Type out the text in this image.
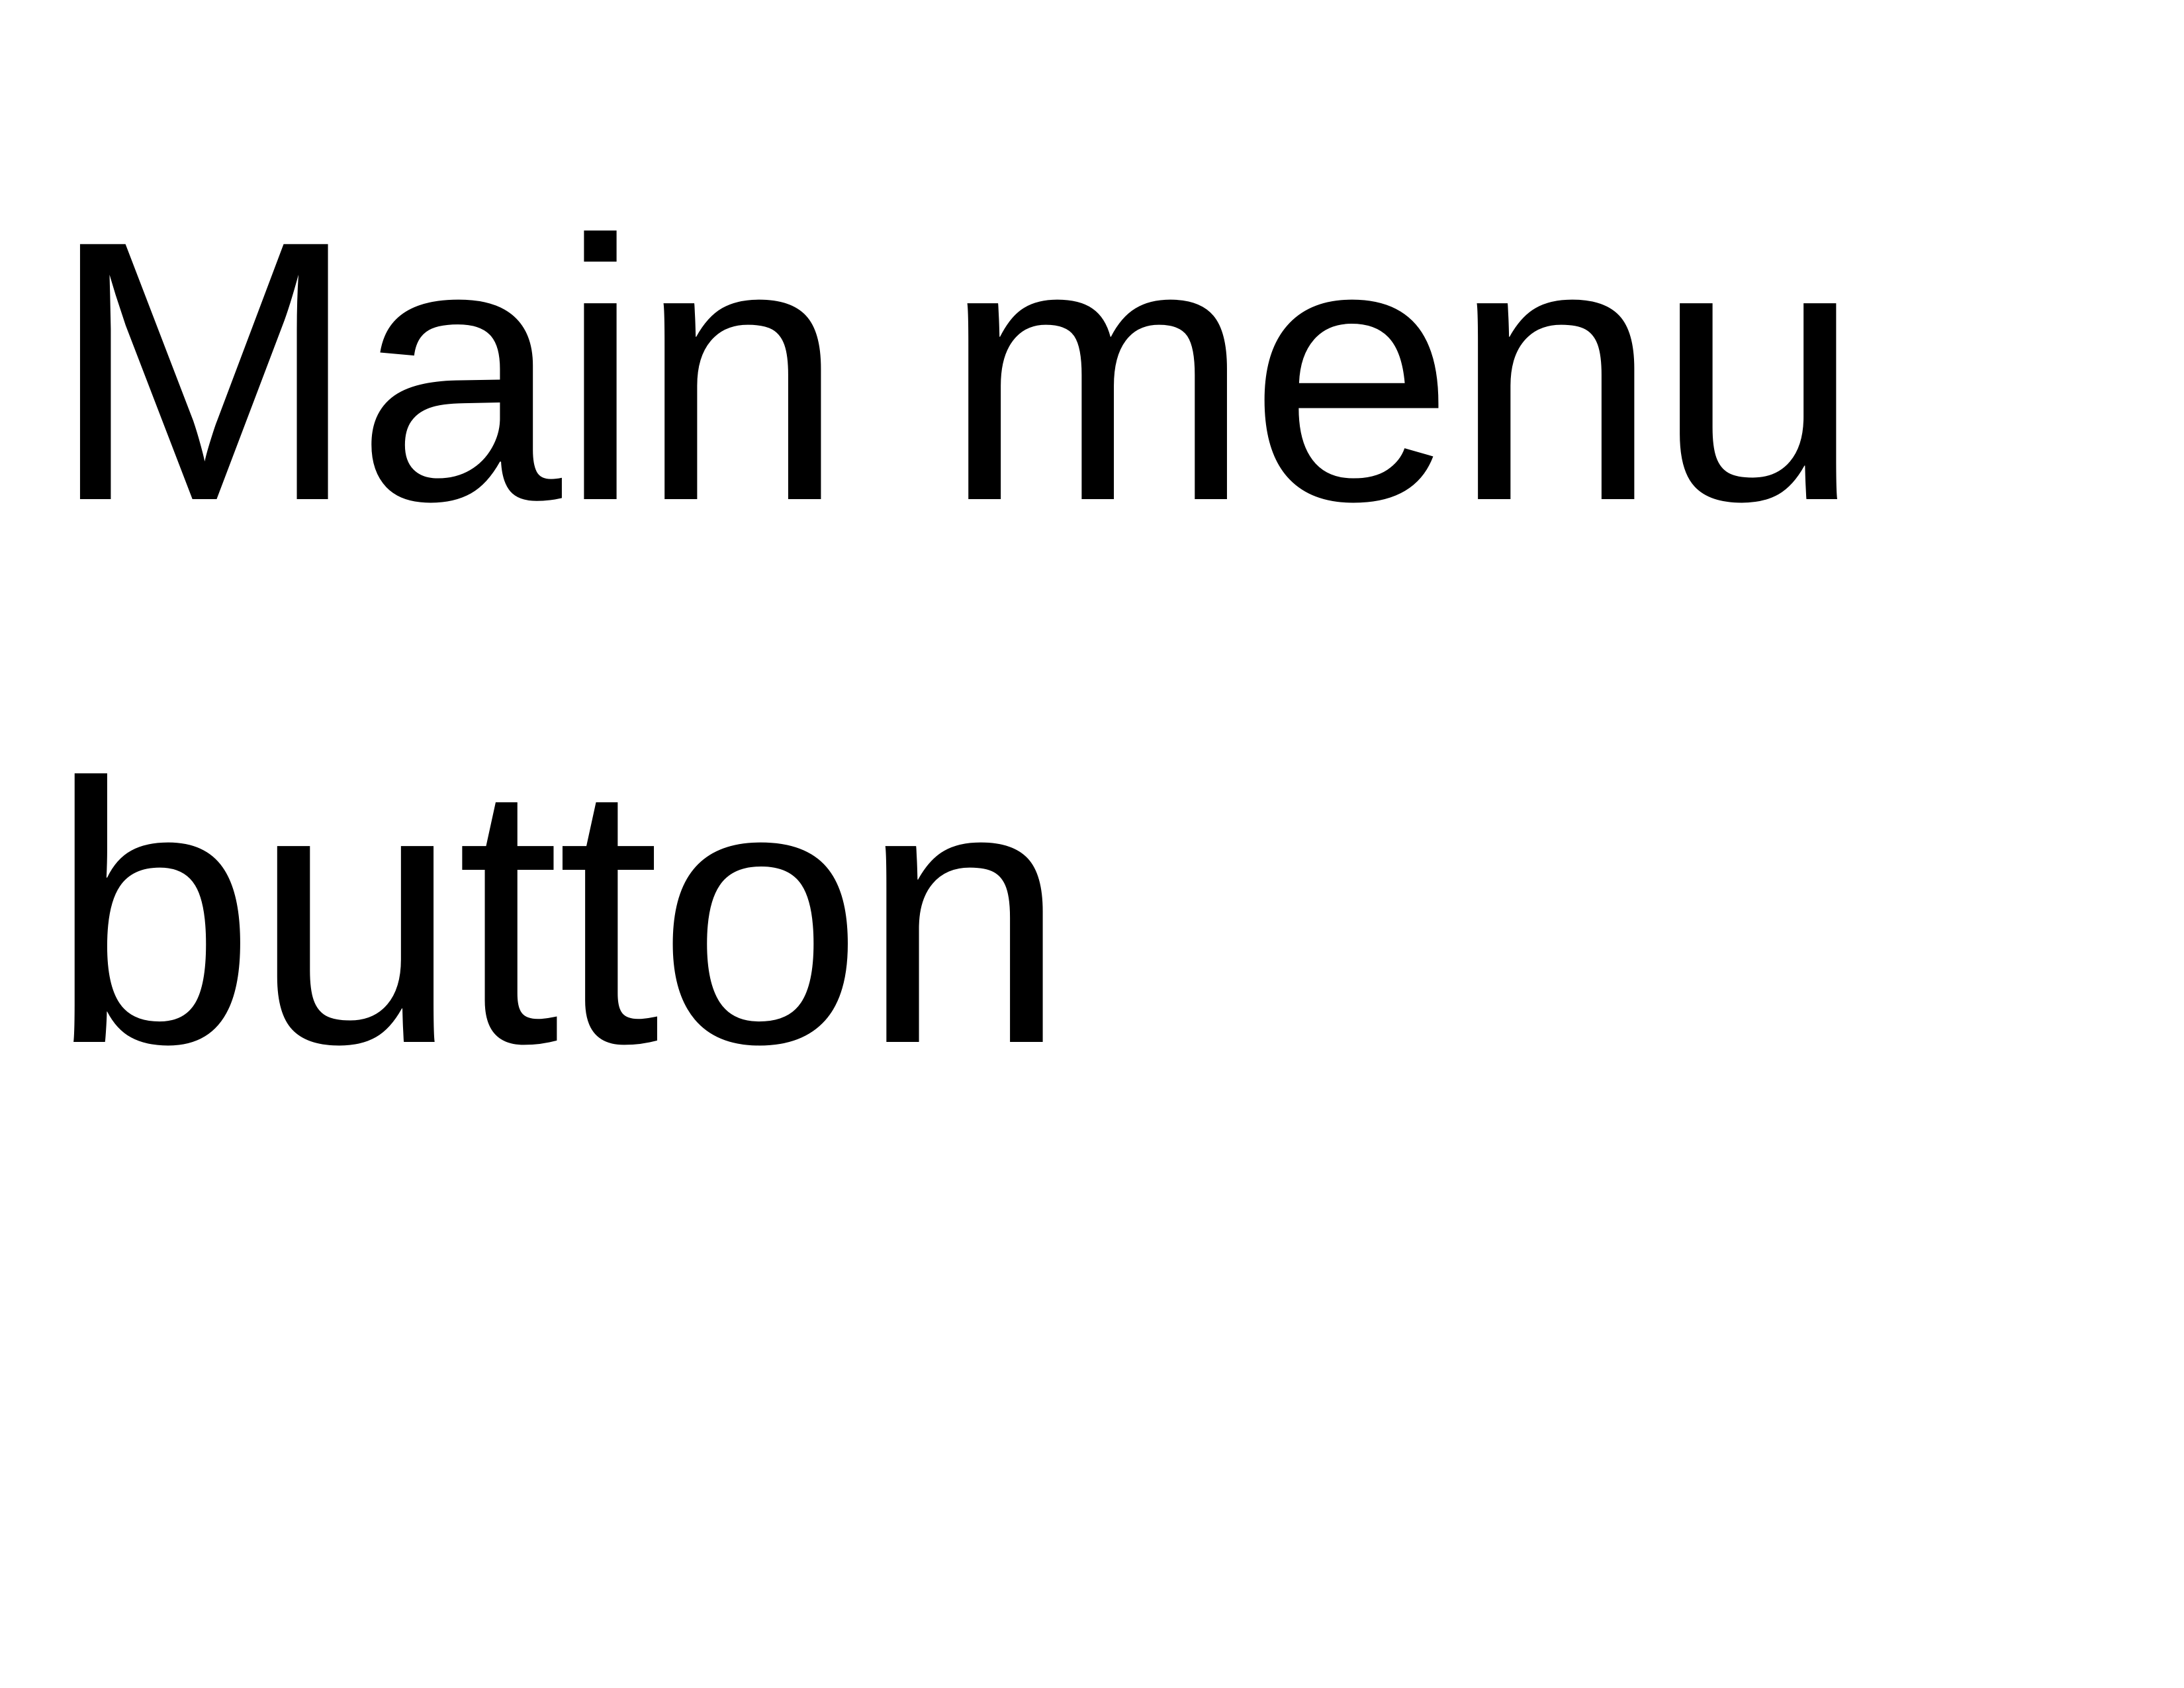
Main menu button
